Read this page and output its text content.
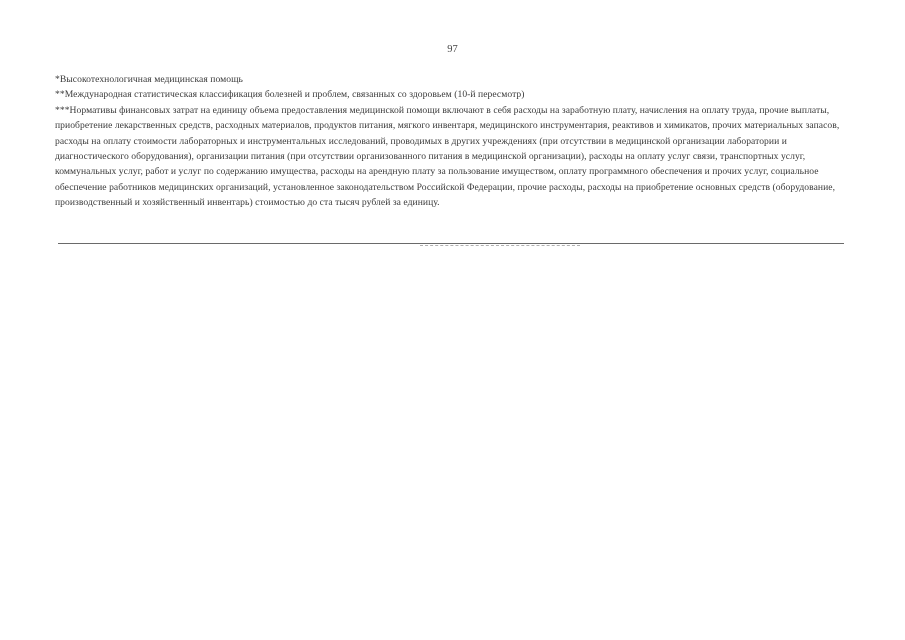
97

*Высокотехнологичная медицинская помощь

**Международная статистическая классификация болезней и проблем, связанных со здоровьем (10-й пересмотр)

***Нормативы финансовых затрат на единицу объема предоставления медицинской помощи включают в себя расходы на заработную плату, начисления на оплату труда, прочие выплаты, приобретение лекарственных средств, расходных материалов, продуктов питания, мягкого инвентаря, медицинского инструментария, реактивов и химикатов, прочих материальных запасов, расходы на оплату стоимости лабораторных и инструментальных исследований, проводимых в других учреждениях (при отсутствии в медицинской организации лаборатории и диагностического оборудования), организации питания (при отсутствии организованного питания в медицинской организации), расходы на оплату услуг связи, транспортных услуг, коммунальных услуг, работ и услуг по содержанию имущества, расходы на арендную плату за пользование имуществом, оплату программного обеспечения и прочих услуг, социальное обеспечение работников медицинских организаций, установленное законодательством Российской Федерации, прочие расходы, расходы на приобретение основных средств (оборудование, производственный и хозяйственный инвентарь) стоимостью до ста тысяч рублей за единицу.
